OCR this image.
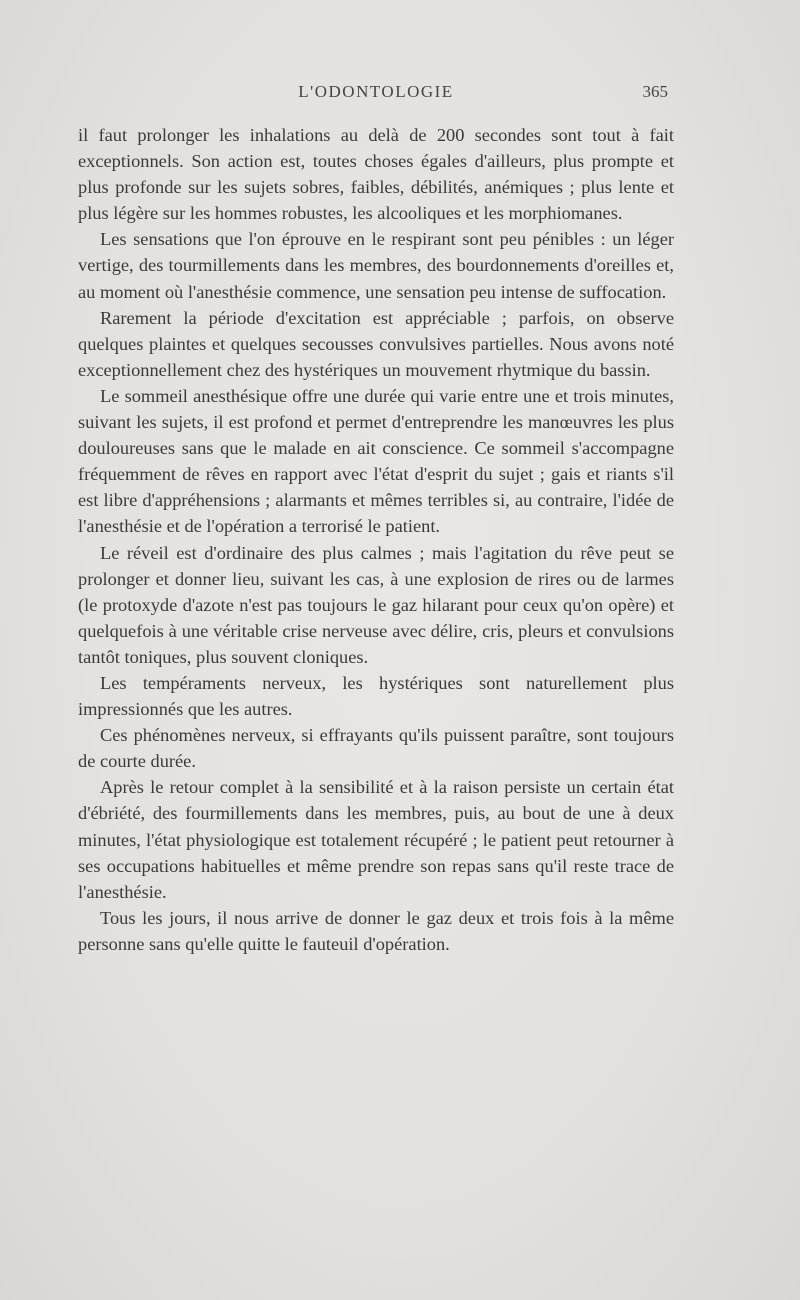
L'ODONTOLOGIE	365

il faut prolonger les inhalations au delà de 200 secondes sont tout à fait exceptionnels. Son action est, toutes choses égales d'ailleurs, plus prompte et plus profonde sur les sujets sobres, faibles, débilités, anémiques ; plus lente et plus légère sur les hommes robustes, les alcooliques et les morphiomanes.

Les sensations que l'on éprouve en le respirant sont peu pénibles : un léger vertige, des tourmillements dans les membres, des bourdonnements d'oreilles et, au moment où l'anesthésie commence, une sensation peu intense de suffocation.

Rarement la période d'excitation est appréciable ; parfois, on observe quelques plaintes et quelques secousses convulsives partielles. Nous avons noté exceptionnellement chez des hystériques un mouvement rhytmique du bassin.

Le sommeil anesthésique offre une durée qui varie entre une et trois minutes, suivant les sujets, il est profond et permet d'entreprendre les manœuvres les plus douloureuses sans que le malade en ait conscience. Ce sommeil s'accompagne fréquemment de rêves en rapport avec l'état d'esprit du sujet ; gais et riants s'il est libre d'appréhensions ; alarmants et mêmes terribles si, au contraire, l'idée de l'anesthésie et de l'opération a terrorisé le patient.

Le réveil est d'ordinaire des plus calmes ; mais l'agitation du rêve peut se prolonger et donner lieu, suivant les cas, à une explosion de rires ou de larmes (le protoxyde d'azote n'est pas toujours le gaz hilarant pour ceux qu'on opère) et quelquefois à une véritable crise nerveuse avec délire, cris, pleurs et convulsions tantôt toniques, plus souvent cloniques.

Les tempéraments nerveux, les hystériques sont naturellement plus impressionnés que les autres.

Ces phénomènes nerveux, si effrayants qu'ils puissent paraître, sont toujours de courte durée.

Après le retour complet à la sensibilité et à la raison persiste un certain état d'ébriété, des fourmillements dans les membres, puis, au bout de une à deux minutes, l'état physiologique est totalement récupéré ; le patient peut retourner à ses occupations habituelles et même prendre son repas sans qu'il reste trace de l'anesthésie.

Tous les jours, il nous arrive de donner le gaz deux et trois fois à la même personne sans qu'elle quitte le fauteuil d'opération.
